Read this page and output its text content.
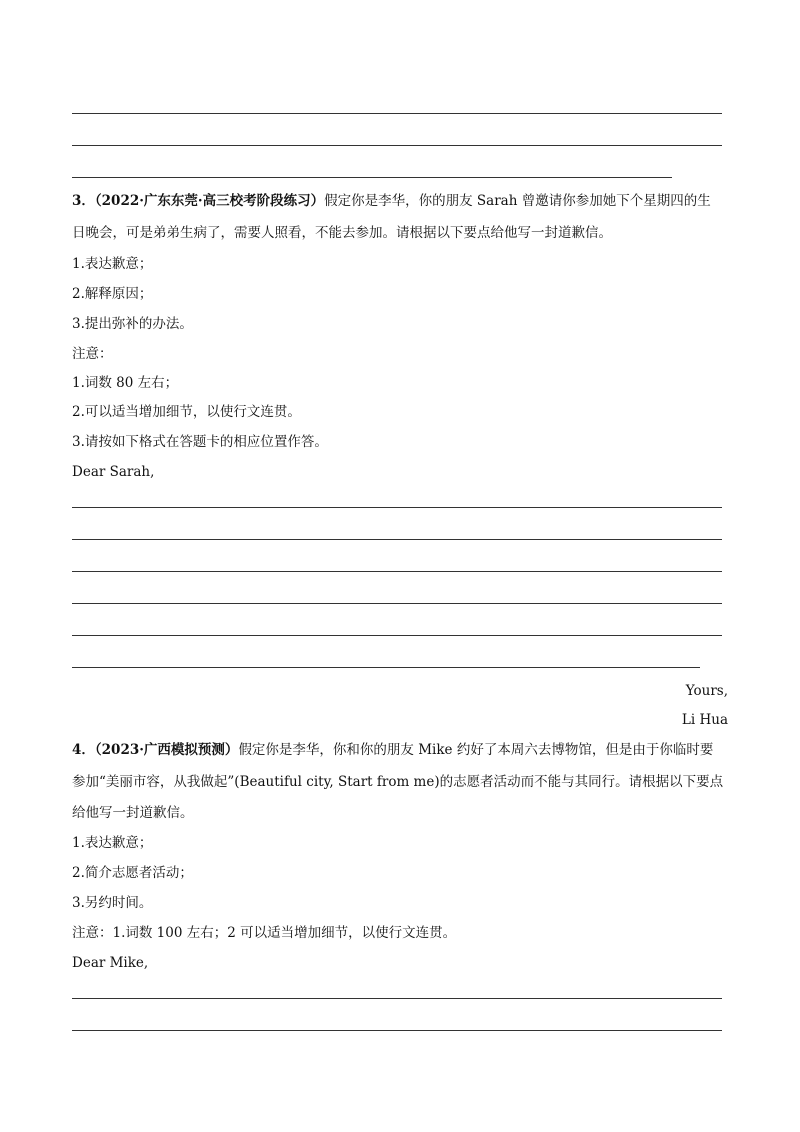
3．（2022·广东东莞·高三校考阶段练习）假定你是李华，你的朋友 Sarah 曾邀请你参加她下个星期四的生
日晚会，可是弟弟生病了，需要人照看，不能去参加。请根据以下要点给他写一封道歉信。
1.表达歉意；
2.解释原因；
3.提出弥补的办法。
注意：
1.词数 80 左右；
2.可以适当增加细节，以使行文连贯。
3.请按如下格式在答题卡的相应位置作答。
Dear Sarah,
Yours,
Li Hua
4．（2023·广西模拟预测）假定你是李华，你和你的朋友 Mike 约好了本周六去博物馆，但是由于你临时要
参加“美丽市容，从我做起”(Beautiful city, Start from me)的志愿者活动而不能与其同行。请根据以下要点
给他写一封道歉信。
1.表达歉意；
2.简介志愿者活动；
3.另约时间。
注意：1.词数 100 左右；2 可以适当增加细节，以使行文连贯。
Dear Mike,
